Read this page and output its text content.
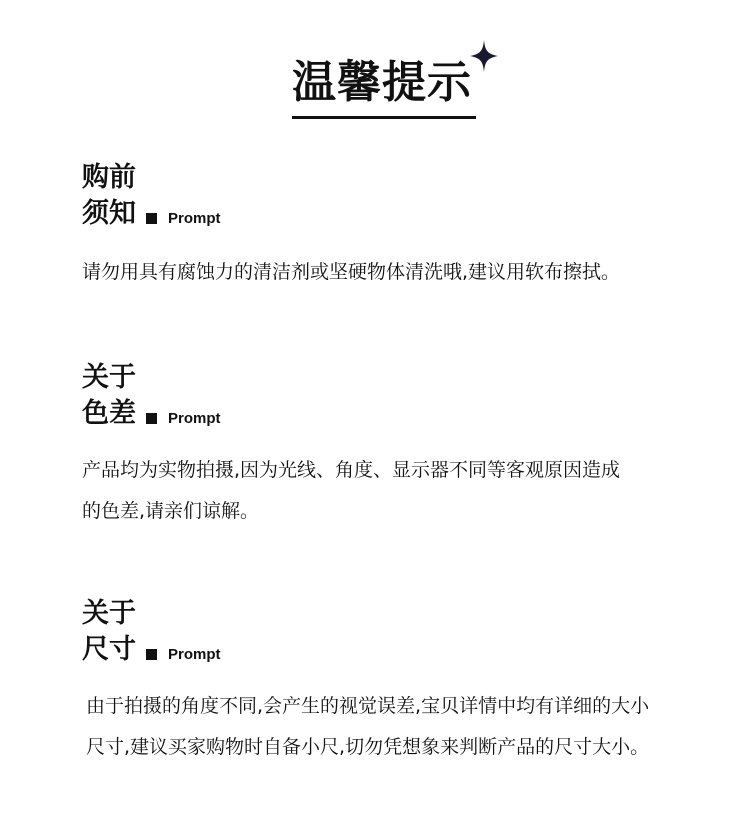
温馨提示
购前
须知 Prompt
请勿用具有腐蚀力的清洁剂或坚硬物体清洗哦,建议用软布擦拭。
关于
色差 Prompt
产品均为实物拍摄,因为光线、角度、显示器不同等客观原因造成
的色差,请亲们谅解。
关于
尺寸 Prompt
由于拍摄的角度不同,会产生的视觉误差,宝贝详情中均有详细的大小
尺寸,建议买家购物时自备小尺,切勿凭想象来判断产品的尺寸大小。
